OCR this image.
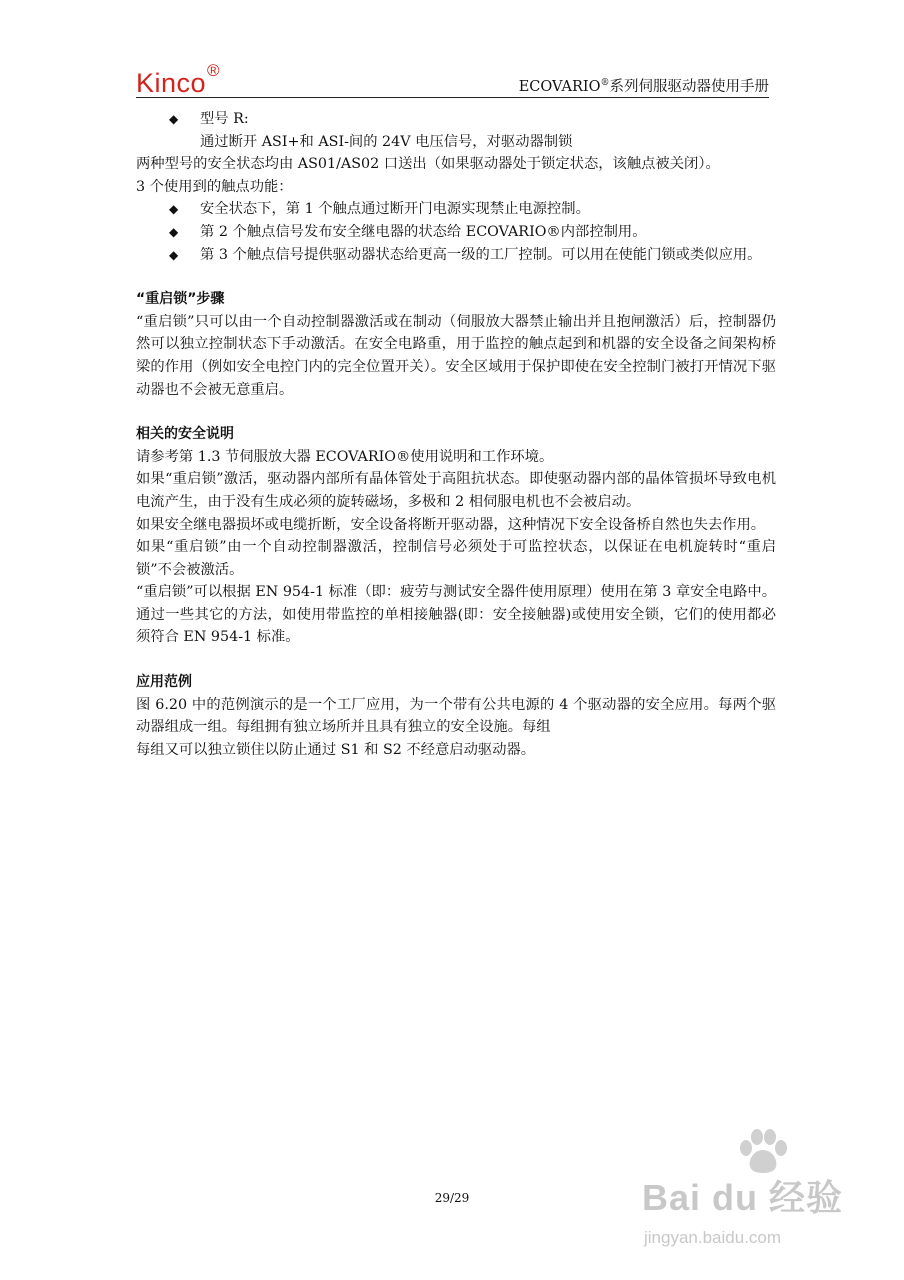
Kinco®
ECOVARIO®系列伺服驱动器使用手册

◆ 型号 R:

通过断开 ASI+和 ASI-间的 24V 电压信号，对驱动器制锁

两种型号的安全状态均由 AS01/AS02 口送出（如果驱动器处于锁定状态，该触点被关闭）。

3 个使用到的触点功能：

◆ 安全状态下，第 1 个触点通过断开门电源实现禁止电源控制。

◆ 第 2 个触点信号发布安全继电器的状态给 ECOVARIO®内部控制用。

◆ 第 3 个触点信号提供驱动器状态给更高一级的工厂控制。可以用在使能门锁或类似应用。

“重启锁”步骤

“重启锁”只可以由一个自动控制器激活或在制动（伺服放大器禁止输出并且抱闸激活）后，控制器仍然可以独立控制状态下手动激活。在安全电路重，用于监控的触点起到和机器的安全设备之间架构桥梁的作用（例如安全电控门内的完全位置开关）。安全区域用于保护即使在安全控制门被打开情况下驱动器也不会被无意重启。

相关的安全说明

请参考第 1.3 节伺服放大器 ECOVARIO®使用说明和工作环境。

如果“重启锁”激活，驱动器内部所有晶体管处于高阻抗状态。即使驱动器内部的晶体管损坏导致电机电流产生，由于没有生成必须的旋转磁场，多极和 2 相伺服电机也不会被启动。

如果安全继电器损坏或电缆折断，安全设备将断开驱动器，这种情况下安全设备桥自然也失去作用。

如果“重启锁”由一个自动控制器激活，控制信号必须处于可监控状态，以保证在电机旋转时“重启锁”不会被激活。

“重启锁”可以根据 EN 954-1 标准（即：疲劳与测试安全器件使用原理）使用在第 3 章安全电路中。通过一些其它的方法，如使用带监控的单相接触器(即：安全接触器)或使用安全锁，它们的使用都必须符合 EN 954-1 标准。

应用范例

图 6.20 中的范例演示的是一个工厂应用，为一个带有公共电源的 4 个驱动器的安全应用。每两个驱动器组成一组。每组拥有独立场所并且具有独立的安全设施。每组

每组又可以独立锁住以防止通过 S1 和 S2 不经意启动驱动器。

29/29	Bai du 经验
jingyan.baidu.com
